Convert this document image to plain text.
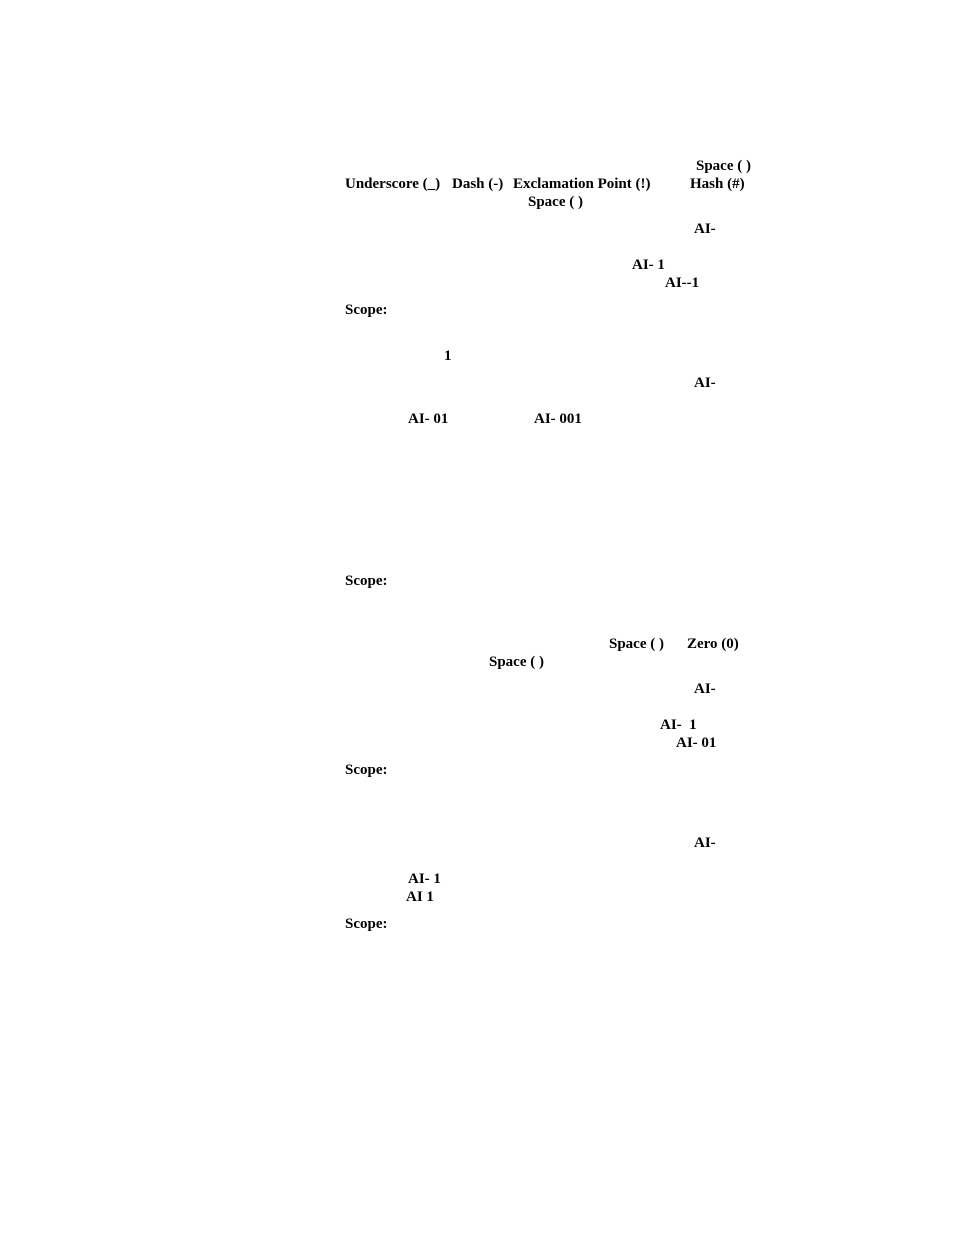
Space ( )
Underscore (_) Dash (-) Exclamation Point (!)	Hash (#)
Space ( )
AI-
AI- 1
AI--1
Scope:
1
AI-
AI- 01	AI- 001
Scope:
Space ( ) Zero (0)
Space ( )
AI-
AI-  1
AI- 01
Scope:
AI-
AI- 1
AI 1
Scope:
